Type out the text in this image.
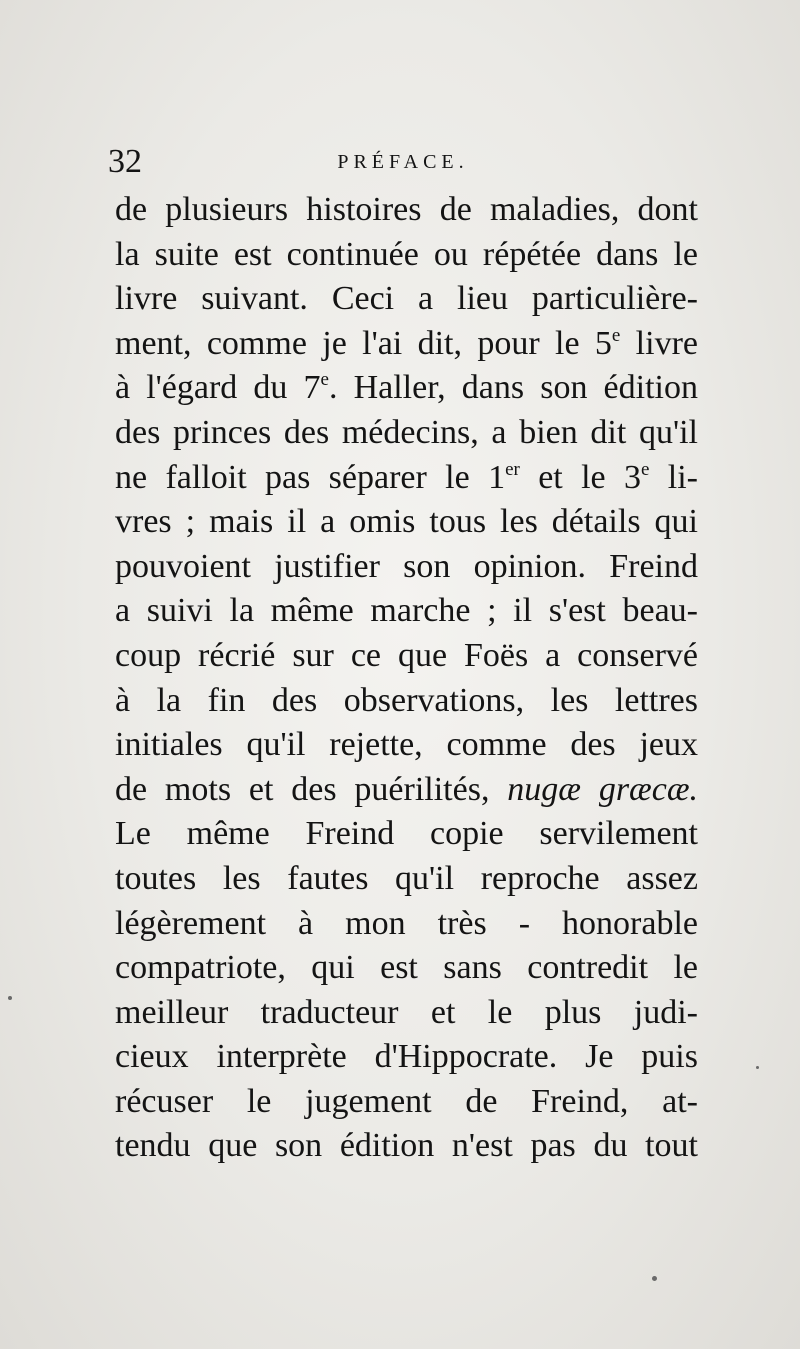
32	PRÉFACE.
de plusieurs histoires de maladies, dont
la suite est continuée ou répétée dans le
livre suivant. Ceci a lieu particulière-
ment, comme je l'ai dit, pour le 5e livre
à l'égard du 7e. Haller, dans son édition
des princes des médecins, a bien dit qu'il
ne falloit pas séparer le 1er et le 3e li-
vres ; mais il a omis tous les détails qui
pouvoient justifier son opinion. Freind
a suivi la même marche ; il s'est beau-
coup récrié sur ce que Foës a conservé
à la fin des observations, les lettres
initiales qu'il rejette, comme des jeux
de mots et des puérilités, nugæ græcæ.
Le même Freind copie servilement
toutes les fautes qu'il reproche assez
légèrement à mon très - honorable
compatriote, qui est sans contredit le
meilleur traducteur et le plus judi-
cieux interprète d'Hippocrate. Je puis
récuser le jugement de Freind, at-
tendu que son édition n'est pas du tout
